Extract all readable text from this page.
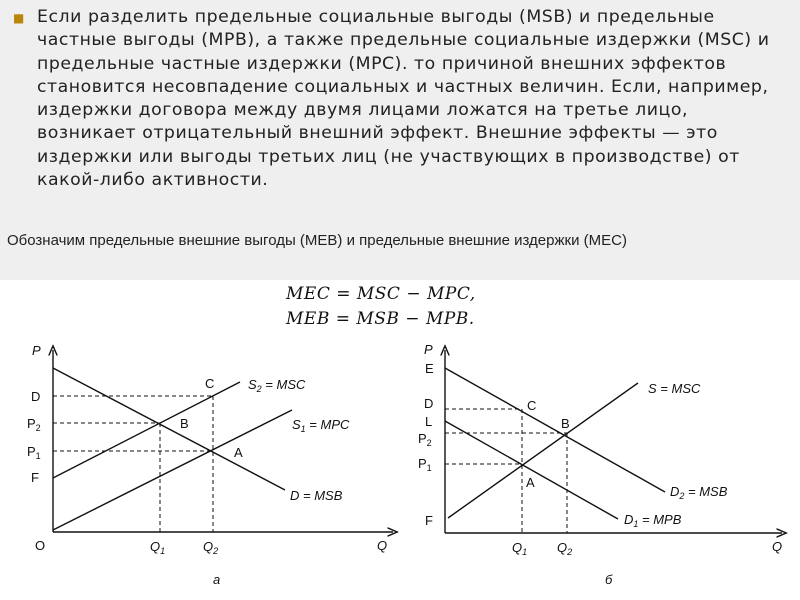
■ Если разделить предельные социальные выгоды (MSB) и предельные частные выгоды (MPB), а также предельные социальные издержки (MSC) и предельные частные издержки (MPC). то причиной внешних эффектов становится несовпадение социальных и частных величин. Если, например, издержки договора между двумя лицами ложатся на третье лицо, возникает отрицательный внешний эффект. Внешние эффекты — это издержки или выгоды третьих лиц (не участвующих в производстве) от какой-либо активности.
Обозначим предельные внешние выгоды (MEB) и предельные внешние издержки (MEC)
MEC = MSC − MPC,
MEB = MSB − MPB.
P
Q
O
D
$P_2$
$P_1$
F
$Q_1$	$Q_2$
C
B
A
$S_2$ = MSC
$S_1$ = MPC
D = MSB
а
P
Q
E
D
L
$P_2$
$P_1$
F
$Q_1$ $Q_2$
C
B
A
S = MSC
$D_2$ = MSB
$D_1$ = MPB
б
